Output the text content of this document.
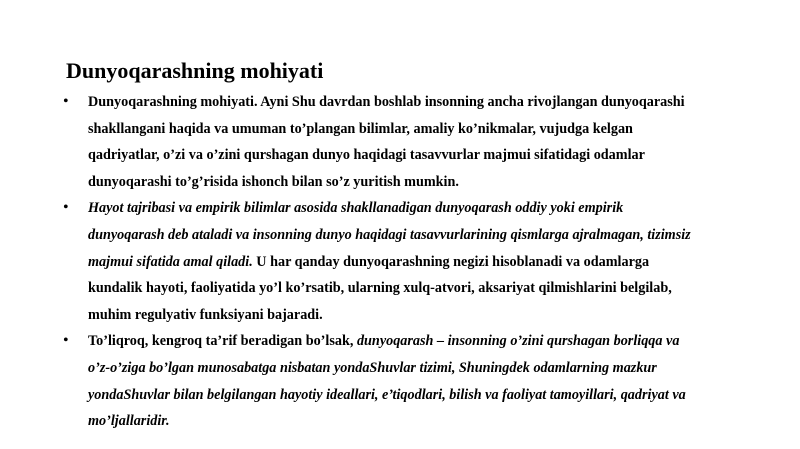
Dunyoqarashning mohiyati
• Dunyoqarashning mohiyati. Ayni Shu davrdan boshlab insonning ancha rivojlangan dunyoqarashi
shakllangani haqida va umuman to’plangan bilimlar, amaliy ko’nikmalar, vujudga kelgan
qadriyatlar, o’zi va o’zini qurshagan dunyo haqidagi tasavvurlar majmui sifatidagi odamlar
dunyoqarashi to’g’risida ishonch bilan so’z yuritish mumkin.
• Hayot tajribasi va empirik bilimlar asosida shakllanadigan dunyoqarash oddiy yoki empirik
dunyoqarash deb ataladi va insonning dunyo haqidagi tasavvurlarining qismlarga ajralmagan, tizimsiz
majmui sifatida amal qiladi. U har qanday dunyoqarashning negizi hisoblanadi va odamlarga
kundalik hayoti, faoliyatida yo’l ko’rsatib, ularning xulq-atvori, aksariyat qilmishlarini belgilab,
muhim regulyativ funksiyani bajaradi.
• To’liqroq, kengroq ta’rif beradigan bo’lsak, dunyoqarash – insonning o’zini qurshagan borliqqa va
o’z-o’ziga bo’lgan munosabatga nisbatan yondaShuvlar tizimi, Shuningdek odamlarning mazkur
yondaShuvlar bilan belgilangan hayotiy ideallari, e’tiqodlari, bilish va faoliyat tamoyillari, qadriyat va
mo’ljallaridir.
